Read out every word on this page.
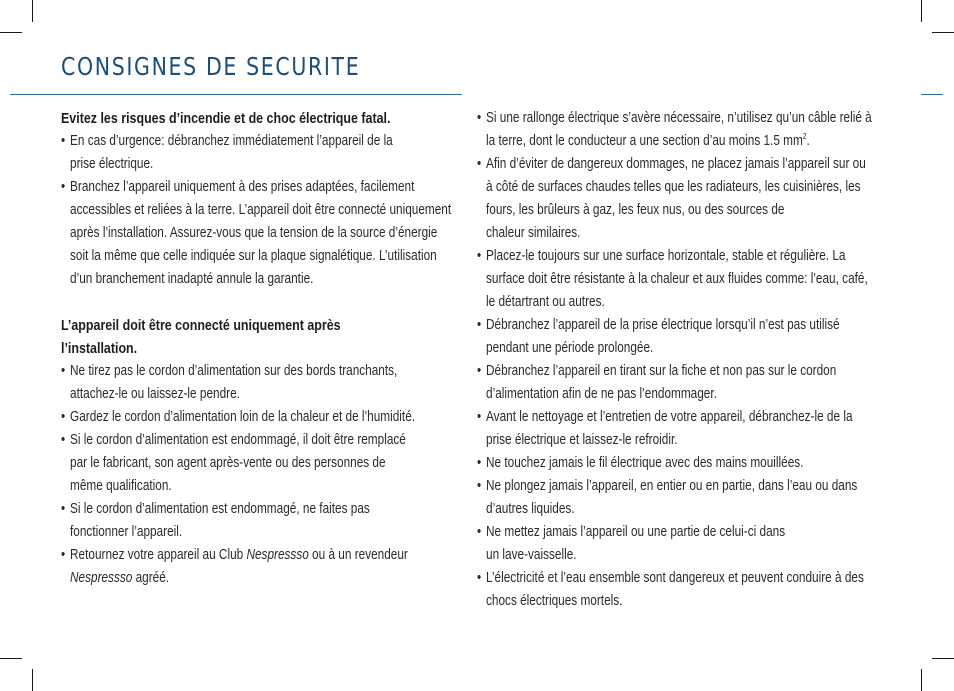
CONSIGNES DE SECURITE

Evitez les risques d’incendie et de choc électrique fatal.

• En cas d’urgence: débranchez immédiatement l’appareil de la
prise électrique.
• Branchez l’appareil uniquement à des prises adaptées, facilement
accessibles et reliées à la terre. L’appareil doit être connecté uniquement
après l’installation. Assurez-vous que la tension de la source d’énergie
soit la même que celle indiquée sur la plaque signalétique. L’utilisation
d’un branchement inadapté annule la garantie.

L’appareil doit être connecté uniquement après
l’installation.

• Ne tirez pas le cordon d’alimentation sur des bords tranchants,
attachez-le ou laissez-le pendre.
• Gardez le cordon d’alimentation loin de la chaleur et de l’humidité.
• Si le cordon d’alimentation est endommagé, il doit être remplacé
par le fabricant, son agent après-vente ou des personnes de
même qualification.
• Si le cordon d’alimentation est endommagé, ne faites pas
fonctionner l’appareil.
• Retournez votre appareil au Club Nespressso ou à un revendeur
Nespressso agréé.
• Si une rallonge électrique s’avère nécessaire, n’utilisez qu’un câble relié à
la terre, dont le conducteur a une section d’au moins 1.5 $mm^2$.
• Afin d’éviter de dangereux dommages, ne placez jamais l’appareil sur ou
à côté de surfaces chaudes telles que les radiateurs, les cuisinières, les
fours, les brûleurs à gaz, les feux nus, ou des sources de
chaleur similaires.
• Placez-le toujours sur une surface horizontale, stable et régulière. La
surface doit être résistante à la chaleur et aux fluides comme: l’eau, café,
le détartrant ou autres.
• Débranchez l’appareil de la prise électrique lorsqu’il n’est pas utilisé
pendant une période prolongée.
• Débranchez l’appareil en tirant sur la fiche et non pas sur le cordon
d’alimentation afin de ne pas l’endommager.
• Avant le nettoyage et l’entretien de votre appareil, débranchez-le de la
prise électrique et laissez-le refroidir.
• Ne touchez jamais le fil électrique avec des mains mouillées.
• Ne plongez jamais l’appareil, en entier ou en partie, dans l’eau ou dans
d’autres liquides.
• Ne mettez jamais l’appareil ou une partie de celui-ci dans
un lave-vaisselle.
• L’électricité et l’eau ensemble sont dangereux et peuvent conduire à des
chocs électriques mortels.
